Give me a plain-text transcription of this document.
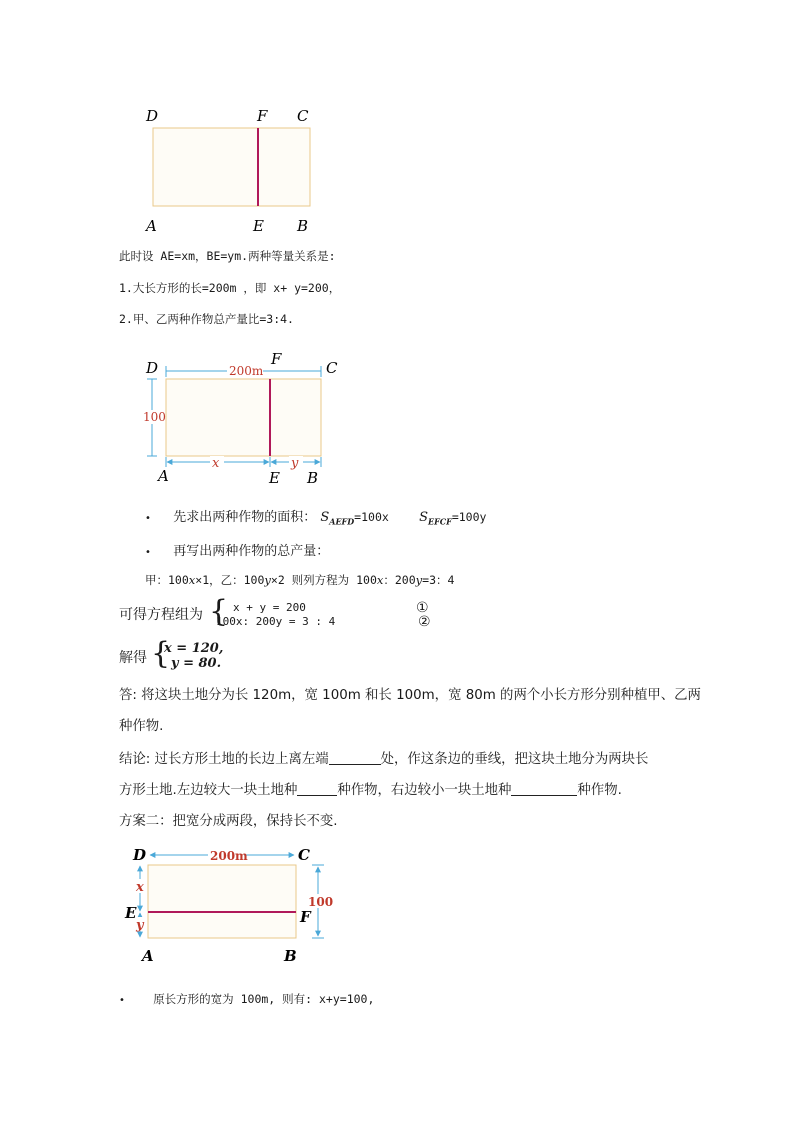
D	F C
A	E B
此时设 AE=xm，BE=ym.两种等量关系是:
1.大长方形的长=200m ，即 x+ y=200，
2.甲、乙两种作物总产量比=3:4.
200m
100
x	y
D	F	C
A	E B
• 先求出两种作物的面积： $S_{AEFD}=100x$ $S_{EFCF}=100y$
• 再写出两种作物的总产量：
甲：100x×1，乙：100y×2 则列方程为 100x：200y=3：4
可得方程组为 { x + y = 200
100x: 200y = 3 : 4
①
②
解得 {
x = 120,
y = 80.
答: 将这块土地分为长 120m，宽 100m 和长 100m，宽 80m 的两个小长方形分别种植甲、乙两
种作物.
结论: 过长方形土地的长边上离左端	处，作这条边的垂线，把这块土地分为两块长
方形土地.左边较大一块土地种	种作物，右边较小一块土地种	种作物.
方案二：把宽分成两段，保持长不变.
200m
x
y
100
D	C
E	F
A	B
• 原长方形的宽为 100m, 则有: x+y=100,
